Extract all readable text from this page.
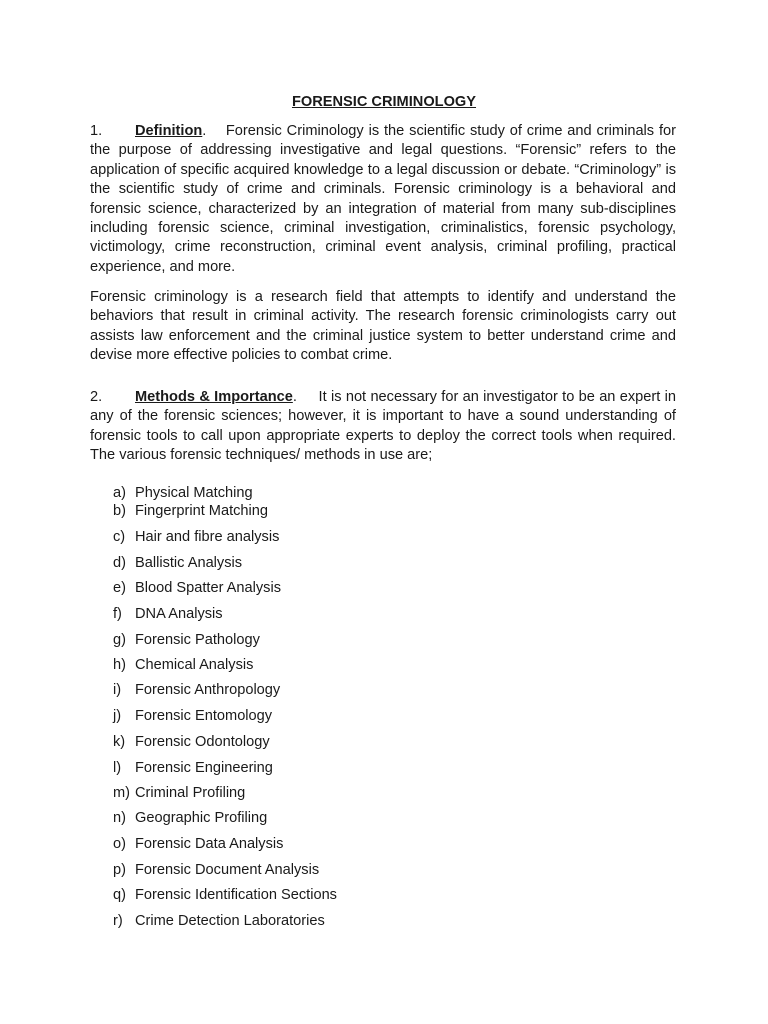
FORENSIC CRIMINOLOGY
1. Definition. Forensic Criminology is the scientific study of crime and criminals for the purpose of addressing investigative and legal questions. “Forensic” refers to the application of specific acquired knowledge to a legal discussion or debate. “Criminology” is the scientific study of crime and criminals. Forensic criminology is a behavioral and forensic science, characterized by an integration of material from many sub-disciplines including forensic science, criminal investigation, criminalistics, forensic psychology, victimology, crime reconstruction, criminal event analysis, criminal profiling, practical experience, and more.
Forensic criminology is a research field that attempts to identify and understand the behaviors that result in criminal activity. The research forensic criminologists carry out assists law enforcement and the criminal justice system to better understand crime and devise more effective policies to combat crime.
2. Methods & Importance. It is not necessary for an investigator to be an expert in any of the forensic sciences; however, it is important to have a sound understanding of forensic tools to call upon appropriate experts to deploy the correct tools when required. The various forensic techniques/ methods in use are;
a) Physical Matching
b) Fingerprint Matching
c) Hair and fibre analysis
d) Ballistic Analysis
e) Blood Spatter Analysis
f) DNA Analysis
g) Forensic Pathology
h) Chemical Analysis
i) Forensic Anthropology
j) Forensic Entomology
k) Forensic Odontology
l) Forensic Engineering
m) Criminal Profiling
n) Geographic Profiling
o) Forensic Data Analysis
p) Forensic Document Analysis
q) Forensic Identification Sections
r) Crime Detection Laboratories
